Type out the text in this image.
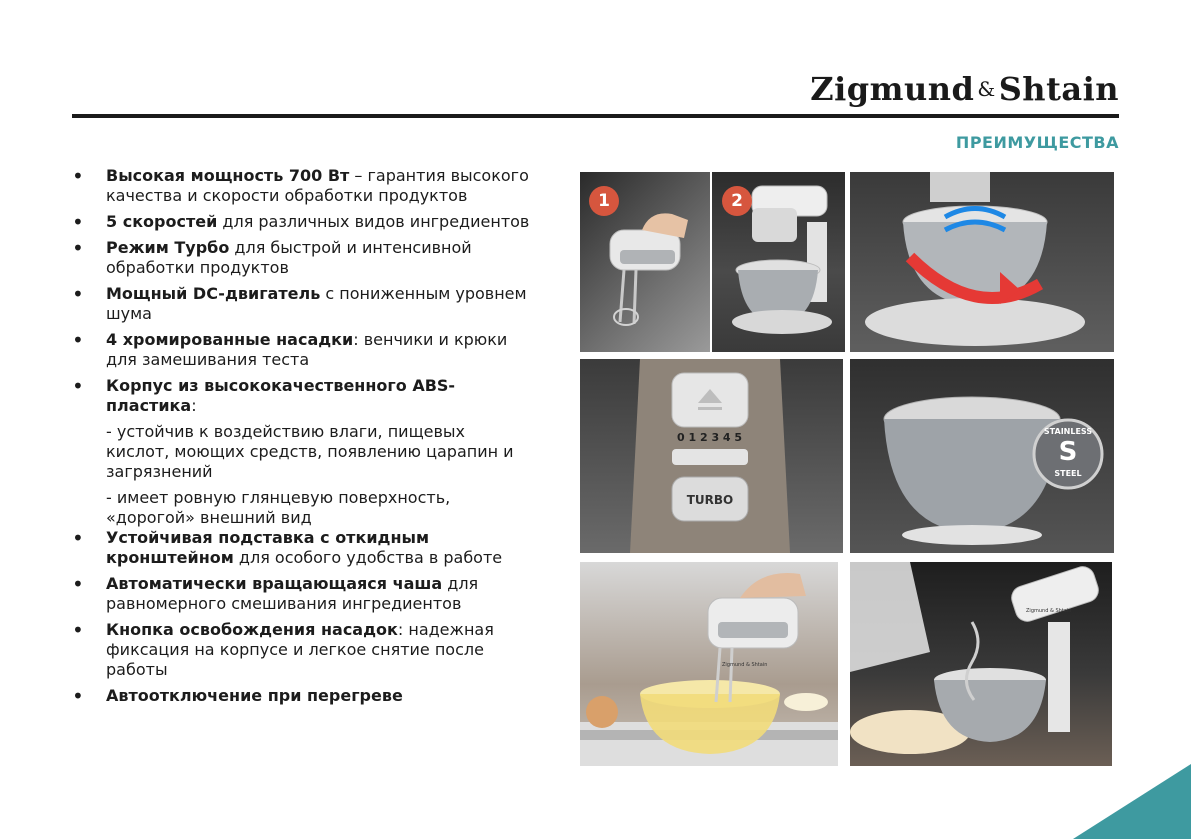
Zigmund &Shtain
ПРЕИМУЩЕСТВА
• Высокая мощность 700 Вт – гарантия высокого качества и скорости обработки продуктов
• 5 скоростей для различных видов ингредиентов
• Режим Турбо для быстрой и интенсивной обработки продуктов
• Мощный DC-двигатель с пониженным уровнем шума
• 4 хромированные насадки: венчики и крюки для замешивания теста
• Корпус из высококачественного ABS-пластика:
- устойчив к воздействию влаги, пищевых кислот, моющих средств, появлению царапин и загрязнений
- имеет ровную глянцевую поверхность, «дорогой» внешний вид
• Устойчивая подставка с откидным кронштейном для особого удобства в работе
• Автоматически вращающаяся чаша для равномерного смешивания ингредиентов
• Кнопка освобождения насадок: надежная фиксация на корпусе и легкое снятие после работы
• Автоотключение при перегреве
1	2
0 1 2 3 4 5
TURBO
STAINLESS
S
STEEL
Zigmund & Shtain
Zigmund & Shtain
